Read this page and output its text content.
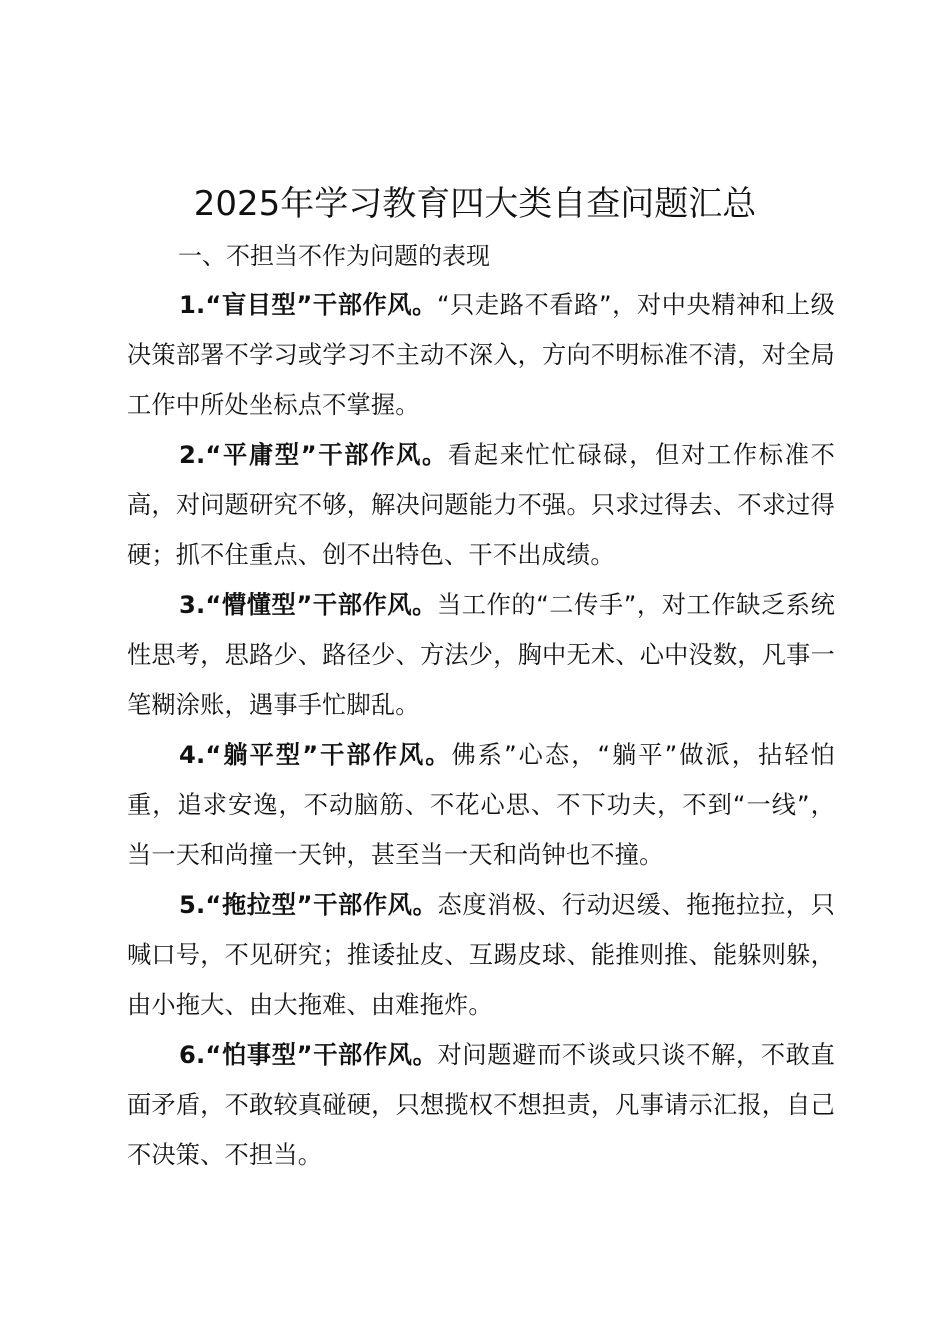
2025年学习教育四大类自查问题汇总

一、不担当不作为问题的表现

1.“盲目型”干部作风。“只走路不看路”，对中央精神和上级决策部署不学习或学习不主动不深入，方向不明标准不清，对全局工作中所处坐标点不掌握。

2.“平庸型”干部作风。看起来忙忙碌碌，但对工作标准不高，对问题研究不够，解决问题能力不强。只求过得去、不求过得硬；抓不住重点、创不出特色、干不出成绩。

3.“懵懂型”干部作风。当工作的“二传手”，对工作缺乏系统性思考，思路少、路径少、方法少，胸中无术、心中没数，凡事一笔糊涂账，遇事手忙脚乱。

4.“躺平型”干部作风。佛系”心态，“躺平”做派，拈轻怕重，追求安逸，不动脑筋、不花心思、不下功夫，不到“一线”，当一天和尚撞一天钟，甚至当一天和尚钟也不撞。

5.“拖拉型”干部作风。态度消极、行动迟缓、拖拖拉拉，只喊口号，不见研究；推诿扯皮、互踢皮球、能推则推、能躲则躲，由小拖大、由大拖难、由难拖炸。

6.“怕事型”干部作风。对问题避而不谈或只谈不解，不敢直面矛盾，不敢较真碰硬，只想揽权不想担责，凡事请示汇报，自己不决策、不担当。
